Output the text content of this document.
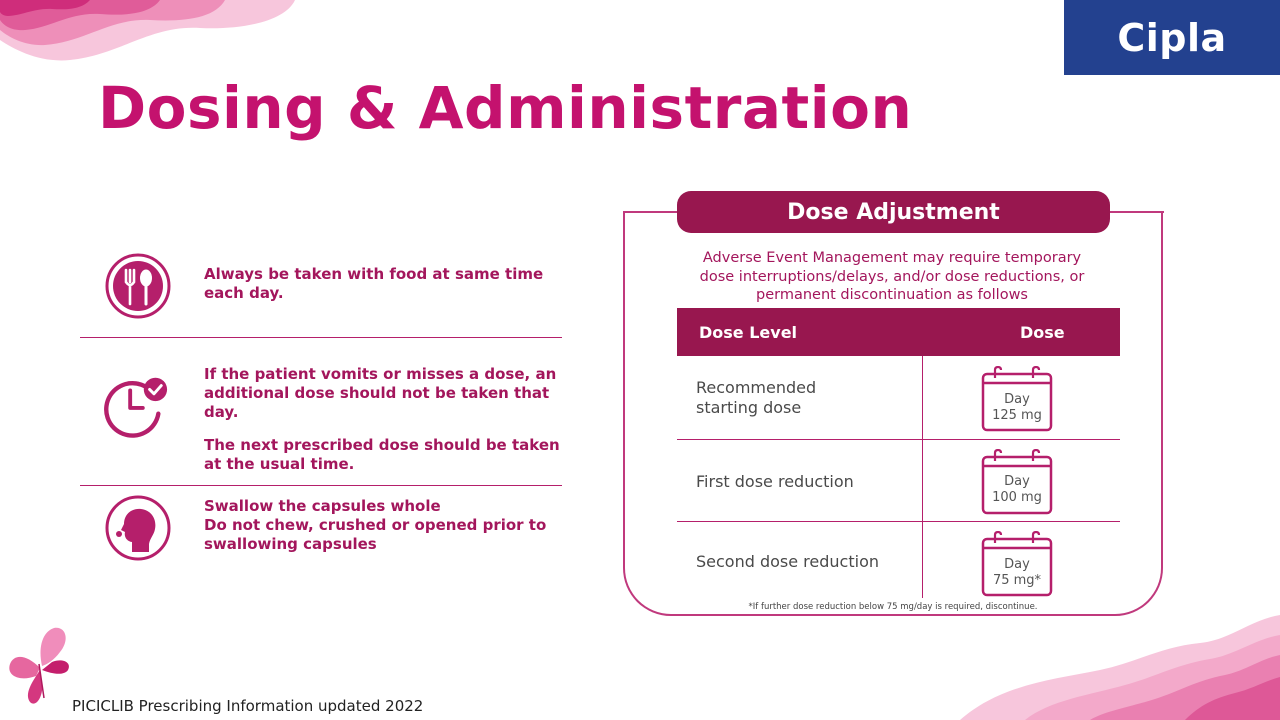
Dosing & Administration
Cipla

Always be taken with food at same time each day.

If the patient vomits or misses a dose, an additional dose should not be taken that day.

The next prescribed dose should be taken at the usual time.

Swallow the capsules whole

Do not chew, crushed or opened prior to swallowing capsules

Dose Adjustment
Adverse Event Management may require temporary
dose interruptions/delays, and/or dose reductions, or
permanent discontinuation as follows
Dose Level	Dose
Recommended
starting dose	Day
125 mg
First dose reduction	Day
100 mg
Second dose reduction	Day
75 mg*
*If further dose reduction below 75 mg/day is required, discontinue.
PICICLIB Prescribing Information updated 2022
